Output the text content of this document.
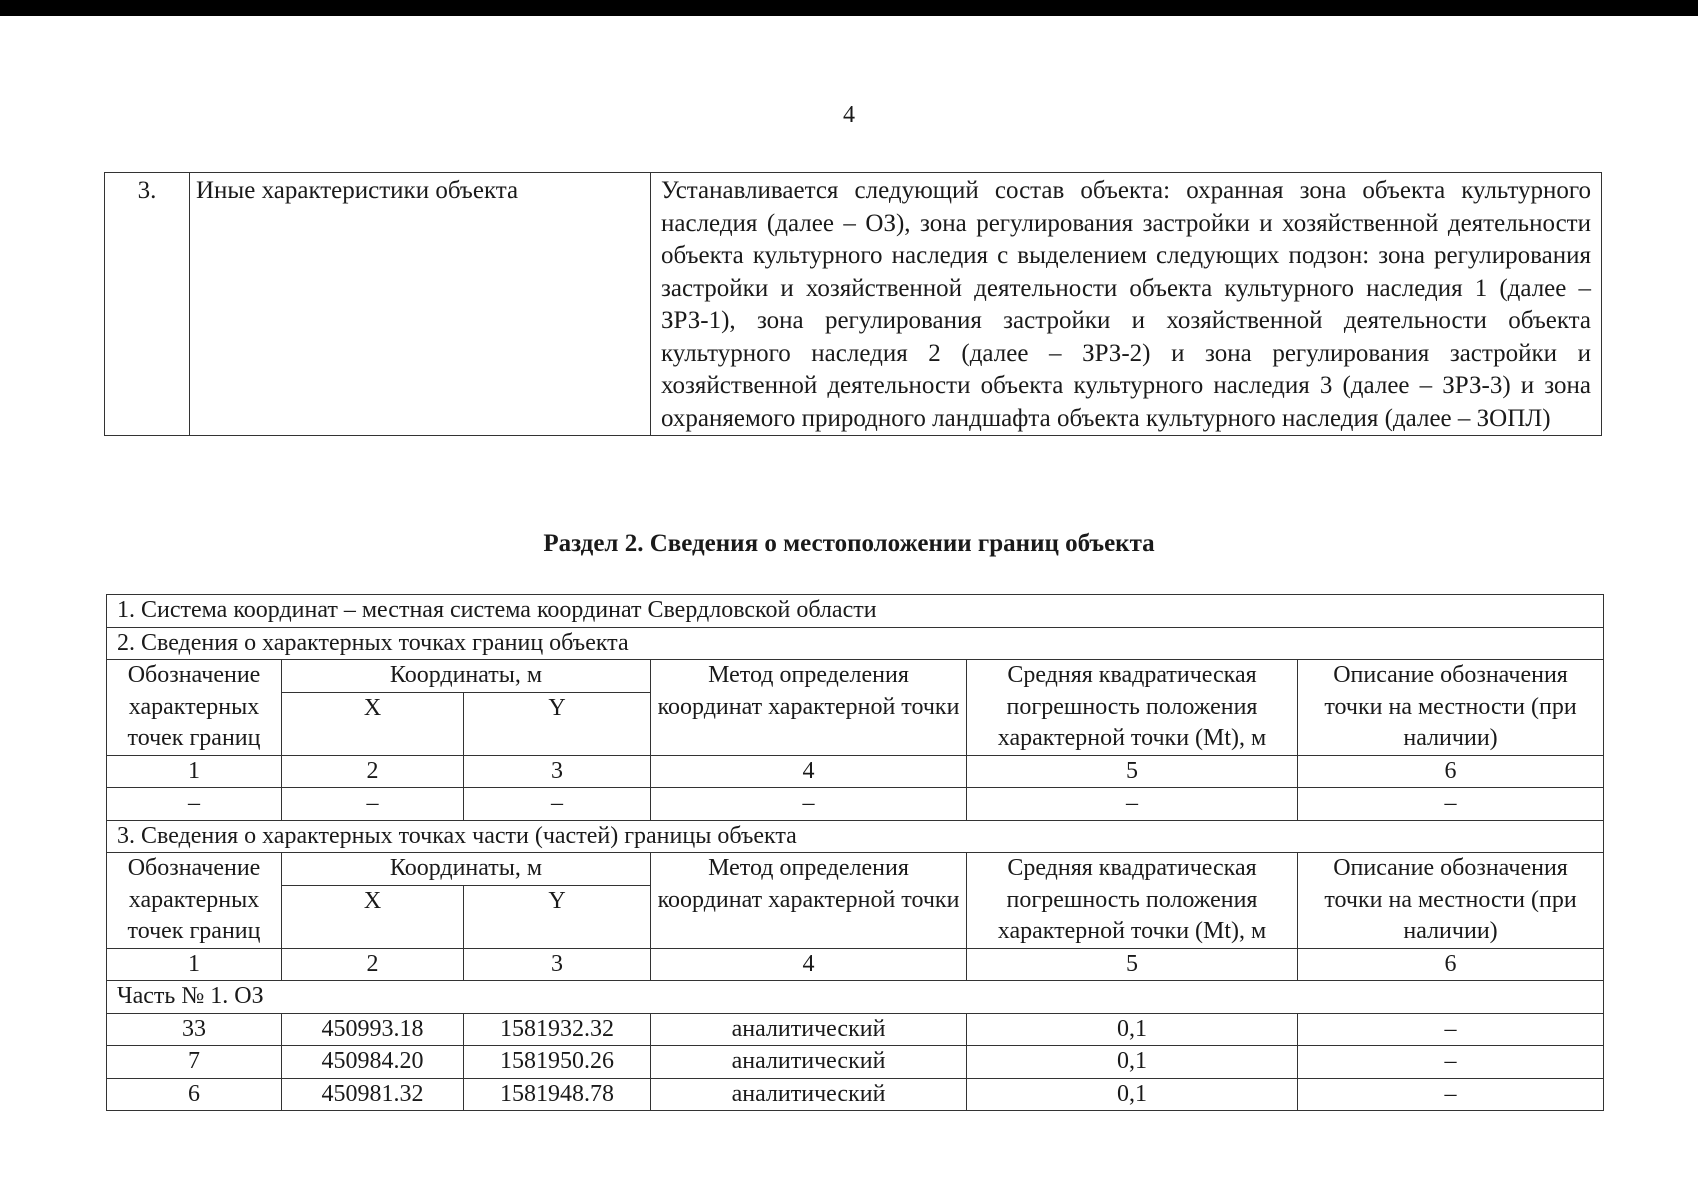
4
3.	Иные характеристики объекта	Устанавливается следующий состав объекта: охранная зона объекта культурного наследия (далее – ОЗ), зона регулирования застройки и хозяйственной деятельности объекта культурного наследия с выделением следующих подзон: зона регулирования застройки и хозяйственной деятельности объекта культурного наследия 1 (далее – ЗРЗ-1), зона регулирования застройки и хозяйственной деятельности объекта культурного наследия 2 (далее – ЗРЗ-2) и зона регулирования застройки и хозяйственной деятельности объекта культурного наследия 3 (далее – ЗРЗ-3) и зона охраняемого природного ландшафта объекта культурного наследия (далее – ЗОПЛ)
Раздел 2. Сведения о местоположении границ объекта
1. Система координат – местная система координат Свердловской области					
2. Сведения о характерных точках границ объекта					
Обозначение характерных точек границ	Координаты, м		Метод определения координат характерной точки	Средняя квадратическая погрешность положения характерной точки (Mt), м	Описание обозначения точки на местности (при наличии)
	X	Y			
1	2	3	4	5	6
–	–	–	–	–	–
3. Сведения о характерных точках части (частей) границы объекта					
Обозначение характерных точек границ	Координаты, м		Метод определения координат характерной точки	Средняя квадратическая погрешность положения характерной точки (Mt), м	Описание обозначения точки на местности (при наличии)
	X	Y			
1	2	3	4	5	6
Часть № 1. ОЗ					
33	450993.18	1581932.32	аналитический	0,1	–
7	450984.20	1581950.26	аналитический	0,1	–
6	450981.32	1581948.78	аналитический	0,1	–
